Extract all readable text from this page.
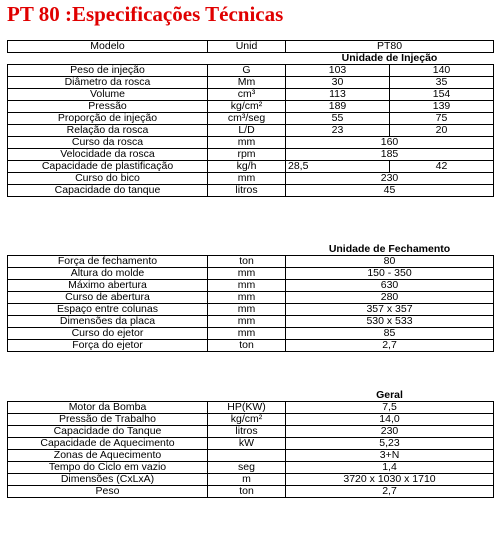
PT 80 :Especificações Técnicas
Modelo	Unid	PT80	
		Unidade de Injeção	
Peso de injeção	G	103	140
Diâmetro da rosca	Mm	30	35
Volume	cm³	113	154
Pressão	kg/cm²	189	139
Proporção de injeção	cm³/seg	55	75
Relação da rosca	L/D	23	20
Curso da rosca	mm	160	
Velocidade da rosca	rpm	185	
Capacidade de plastificação	kg/h	28,5	42
Curso do bico	mm	230	
Capacidade do tanque	litros	45	
		Unidade de Fechamento
Força de fechamento	ton	80
Altura do molde	mm	150 - 350
Máximo abertura	mm	630
Curso de abertura	mm	280
Espaço entre colunas	mm	357 x 357
Dimensões da placa	mm	530 x 533
Curso do ejetor	mm	85
Força do ejetor	ton	2,7
		Geral
Motor da Bomba	HP(KW)	7,5
Pressão de Trabalho	kg/cm²	14,0
Capacidade do Tanque	litros	230
Capacidade de Aquecimento	kW	5,23
Zonas de Aquecimento		3+N
Tempo do Ciclo em vazio	seg	1,4
Dimensões (CxLxA)	m	3720 x 1030 x 1710
Peso	ton	2,7
